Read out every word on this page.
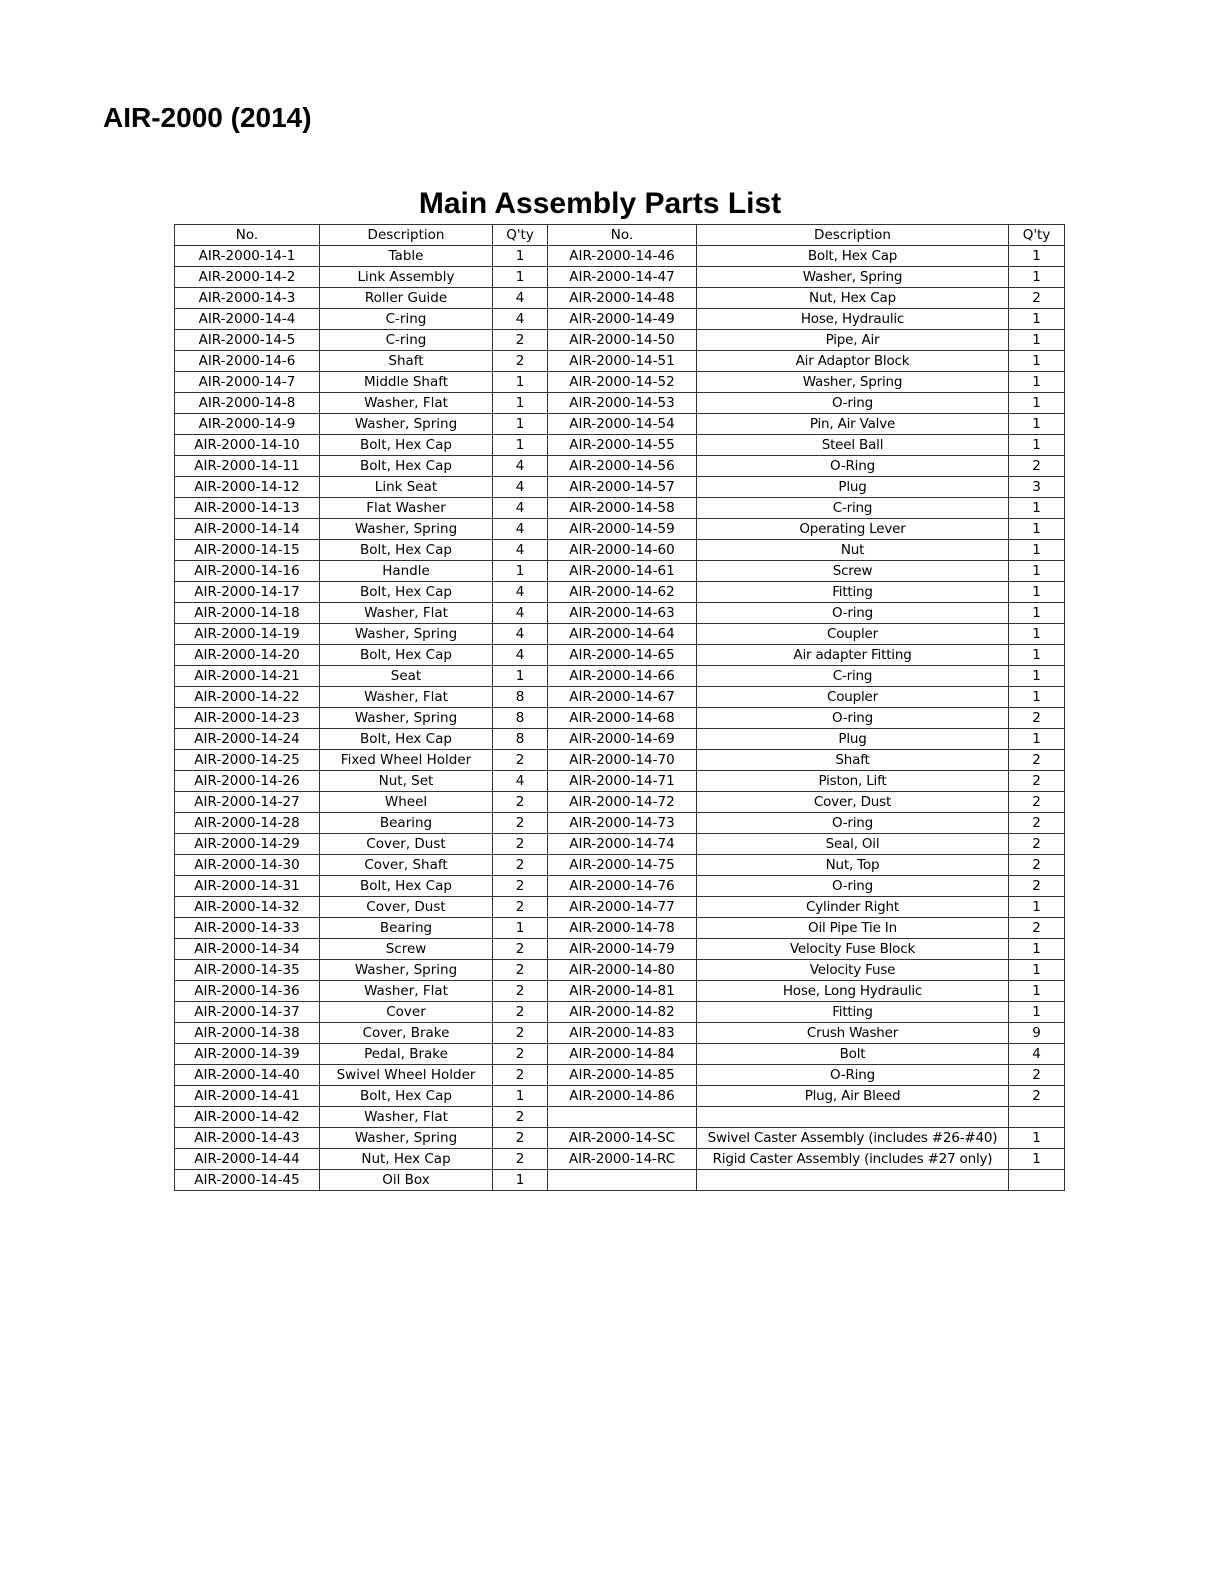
AIR-2000 (2014)
Main Assembly Parts List
No.	Description	Q'ty	No.	Description	Q'ty
AIR-2000-14-1	Table	1	AIR-2000-14-46	Bolt, Hex Cap	1
AIR-2000-14-2	Link Assembly	1	AIR-2000-14-47	Washer, Spring	1
AIR-2000-14-3	Roller Guide	4	AIR-2000-14-48	Nut, Hex Cap	2
AIR-2000-14-4	C-ring	4	AIR-2000-14-49	Hose, Hydraulic	1
AIR-2000-14-5	C-ring	2	AIR-2000-14-50	Pipe, Air	1
AIR-2000-14-6	Shaft	2	AIR-2000-14-51	Air Adaptor Block	1
AIR-2000-14-7	Middle Shaft	1	AIR-2000-14-52	Washer, Spring	1
AIR-2000-14-8	Washer, Flat	1	AIR-2000-14-53	O-ring	1
AIR-2000-14-9	Washer, Spring	1	AIR-2000-14-54	Pin, Air Valve	1
AIR-2000-14-10	Bolt, Hex Cap	1	AIR-2000-14-55	Steel Ball	1
AIR-2000-14-11	Bolt, Hex Cap	4	AIR-2000-14-56	O-Ring	2
AIR-2000-14-12	Link Seat	4	AIR-2000-14-57	Plug	3
AIR-2000-14-13	Flat Washer	4	AIR-2000-14-58	C-ring	1
AIR-2000-14-14	Washer, Spring	4	AIR-2000-14-59	Operating Lever	1
AIR-2000-14-15	Bolt, Hex Cap	4	AIR-2000-14-60	Nut	1
AIR-2000-14-16	Handle	1	AIR-2000-14-61	Screw	1
AIR-2000-14-17	Bolt, Hex Cap	4	AIR-2000-14-62	Fitting	1
AIR-2000-14-18	Washer, Flat	4	AIR-2000-14-63	O-ring	1
AIR-2000-14-19	Washer, Spring	4	AIR-2000-14-64	Coupler	1
AIR-2000-14-20	Bolt, Hex Cap	4	AIR-2000-14-65	Air adapter Fitting	1
AIR-2000-14-21	Seat	1	AIR-2000-14-66	C-ring	1
AIR-2000-14-22	Washer, Flat	8	AIR-2000-14-67	Coupler	1
AIR-2000-14-23	Washer, Spring	8	AIR-2000-14-68	O-ring	2
AIR-2000-14-24	Bolt, Hex Cap	8	AIR-2000-14-69	Plug	1
AIR-2000-14-25	Fixed Wheel Holder	2	AIR-2000-14-70	Shaft	2
AIR-2000-14-26	Nut, Set	4	AIR-2000-14-71	Piston, Lift	2
AIR-2000-14-27	Wheel	2	AIR-2000-14-72	Cover, Dust	2
AIR-2000-14-28	Bearing	2	AIR-2000-14-73	O-ring	2
AIR-2000-14-29	Cover, Dust	2	AIR-2000-14-74	Seal, Oil	2
AIR-2000-14-30	Cover, Shaft	2	AIR-2000-14-75	Nut, Top	2
AIR-2000-14-31	Bolt, Hex Cap	2	AIR-2000-14-76	O-ring	2
AIR-2000-14-32	Cover, Dust	2	AIR-2000-14-77	Cylinder Right	1
AIR-2000-14-33	Bearing	1	AIR-2000-14-78	Oil Pipe Tie In	2
AIR-2000-14-34	Screw	2	AIR-2000-14-79	Velocity Fuse Block	1
AIR-2000-14-35	Washer, Spring	2	AIR-2000-14-80	Velocity Fuse	1
AIR-2000-14-36	Washer, Flat	2	AIR-2000-14-81	Hose, Long Hydraulic	1
AIR-2000-14-37	Cover	2	AIR-2000-14-82	Fitting	1
AIR-2000-14-38	Cover, Brake	2	AIR-2000-14-83	Crush Washer	9
AIR-2000-14-39	Pedal, Brake	2	AIR-2000-14-84	Bolt	4
AIR-2000-14-40	Swivel Wheel Holder	2	AIR-2000-14-85	O-Ring	2
AIR-2000-14-41	Bolt, Hex Cap	1	AIR-2000-14-86	Plug, Air Bleed	2
AIR-2000-14-42	Washer, Flat	2			
AIR-2000-14-43	Washer, Spring	2	AIR-2000-14-SC	Swivel Caster Assembly (includes #26-#40)	1
AIR-2000-14-44	Nut, Hex Cap	2	AIR-2000-14-RC	Rigid Caster Assembly (includes #27 only)	1
AIR-2000-14-45	Oil Box	1			
